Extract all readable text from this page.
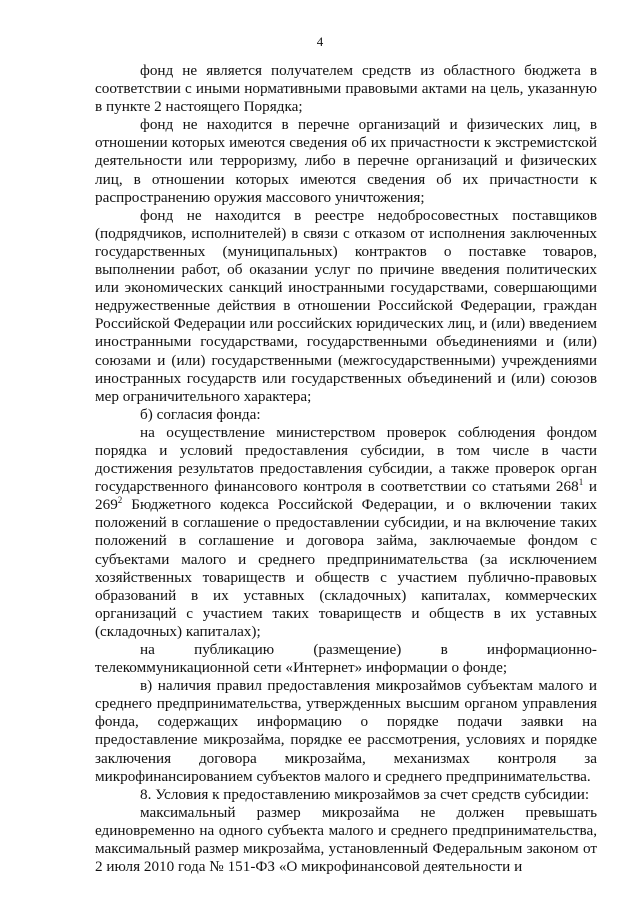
4

фонд не является получателем средств из областного бюджета в соответствии с иными нормативными правовыми актами на цель, указанную в пункте 2 настоящего Порядка;

фонд не находится в перечне организаций и физических лиц, в отношении которых имеются сведения об их причастности к экстремистской деятельности или терроризму, либо в перечне организаций и физических лиц, в отношении которых имеются сведения об их причастности к распространению оружия массового уничтожения;

фонд не находится в реестре недобросовестных поставщиков (подрядчиков, исполнителей) в связи с отказом от исполнения заключенных государственных (муниципальных) контрактов о поставке товаров, выполнении работ, об оказании услуг по причине введения политических или экономических санкций иностранными государствами, совершающими недружественные действия в отношении Российской Федерации, граждан Российской Федерации или российских юридических лиц, и (или) введением иностранными государствами, государственными объединениями и (или) союзами и (или) государственными (межгосударственными) учреждениями иностранных государств или государственных объединений и (или) союзов мер ограничительного характера;

б) согласия фонда:

на осуществление министерством проверок соблюдения фондом порядка и условий предоставления субсидии, в том числе в части достижения результатов предоставления субсидии, а также проверок орган государственного финансового контроля в соответствии со статьями $268^1$ и $269^2$ Бюджетного кодекса Российской Федерации, и о включении таких положений в соглашение о предоставлении субсидии, и на включение таких положений в соглашение и договора займа, заключаемые фондом с субъектами малого и среднего предпринимательства (за исключением хозяйственных товариществ и обществ с участием публично-правовых образований в их уставных (складочных) капиталах, коммерческих организаций с участием таких товариществ и обществ в их уставных (складочных) капиталах);

на публикацию (размещение) в информационно-телекоммуникационной сети «Интернет» информации о фонде;

в) наличия правил предоставления микрозаймов субъектам малого и среднего предпринимательства, утвержденных высшим органом управления фонда, содержащих информацию о порядке подачи заявки на предоставление микрозайма, порядке ее рассмотрения, условиях и порядке заключения договора микрозайма, механизмах контроля за микрофинансированием субъектов малого и среднего предпринимательства.

8. Условия к предоставлению микрозаймов за счет средств субсидии:

максимальный размер микрозайма не должен превышать единовременно на одного субъекта малого и среднего предпринимательства, максимальный размер микрозайма, установленный Федеральным законом от 2 июля 2010 года № 151-ФЗ «О микрофинансовой деятельности и
